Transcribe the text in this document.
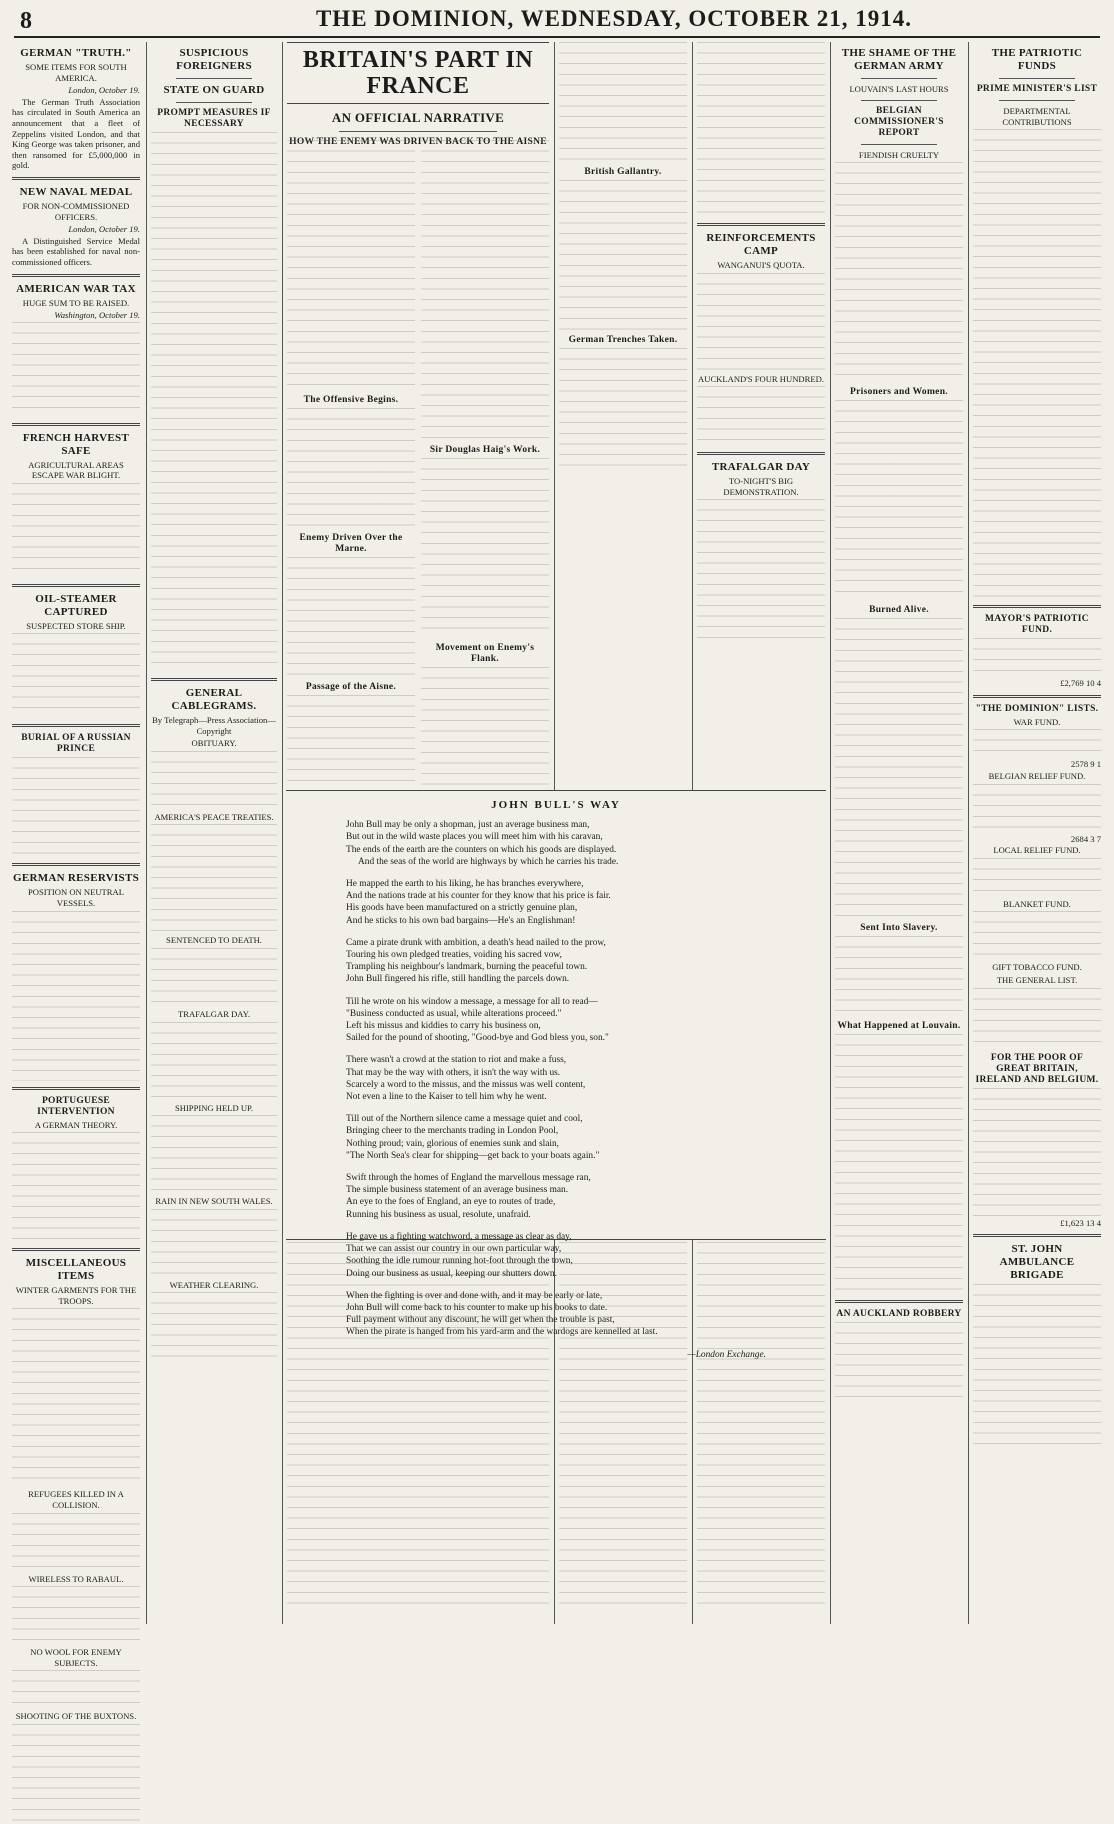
8	THE DOMINION, WEDNESDAY, OCTOBER 21, 1914.
GERMAN "TRUTH."
SOME ITEMS FOR SOUTH AMERICA.
London, October 19.
The German Truth Association has circulated in South America an announcement that a fleet of Zeppelins visited London, and that King George was taken prisoner, and then ransomed for £5,000,000 in gold.
NEW NAVAL MEDAL
FOR NON-COMMISSIONED OFFICERS.
London, October 19.
A Distinguished Service Medal has been established for naval non-commissioned officers.
AMERICAN WAR TAX
HUGE SUM TO BE RAISED.
Washington, October 19.
FRENCH HARVEST SAFE
AGRICULTURAL AREAS ESCAPE WAR BLIGHT.
OIL-STEAMER CAPTURED
SUSPECTED STORE SHIP.
BURIAL OF A RUSSIAN PRINCE
GERMAN RESERVISTS
POSITION ON NEUTRAL VESSELS.
PORTUGUESE INTERVENTION
A GERMAN THEORY.
MISCELLANEOUS ITEMS
WINTER GARMENTS FOR THE TROOPS.
REFUGEES KILLED IN A COLLISION.
WIRELESS TO RABAUL.
NO WOOL FOR ENEMY SUBJECTS.
SHOOTING OF THE BUXTONS.
SUSPICIOUS FOREIGNERS
STATE ON GUARD
PROMPT MEASURES IF NECESSARY
GENERAL CABLEGRAMS.
By Telegraph—Press Association—Copyright
OBITUARY.
AMERICA'S PEACE TREATIES.
SENTENCED TO DEATH.
TRAFALGAR DAY.
SHIPPING HELD UP.
RAIN IN NEW SOUTH WALES.
WEATHER CLEARING.
BRITAIN'S PART IN FRANCE
AN OFFICIAL NARRATIVE
HOW THE ENEMY WAS DRIVEN BACK TO THE AISNE
The Offensive Begins.
Enemy Driven Over the Marne.
Passage of the Aisne.
Sir Douglas Haig's Work.
Movement on Enemy's Flank.
British Gallantry.
German Trenches Taken.
REINFORCEMENTS CAMP
WANGANUI'S QUOTA.
AUCKLAND'S FOUR HUNDRED.
TRAFALGAR DAY
TO-NIGHT'S BIG DEMONSTRATION.
JOHN BULL'S WAY
John Bull may be only a shopman, just an average business man,
But out in the wild waste places you will meet him with his caravan,
The ends of the earth are the counters on which his goods are displayed.
And the seas of the world are highways by which he carries his trade.
He mapped the earth to his liking, he has branches everywhere,
And the nations trade at his counter for they know that his price is fair.
His goods have been manufactured on a strictly genuine plan,
And he sticks to his own bad bargains—He's an Englishman!
Came a pirate drunk with ambition, a death's head nailed to the prow,
Touring his own pledged treaties, voiding his sacred vow,
Trampling his neighbour's landmark, burning the peaceful town.
John Bull fingered his rifle, still handling the parcels down.
Till he wrote on his window a message, a message for all to read—
"Business conducted as usual, while alterations proceed."
Left his missus and kiddies to carry his business on,
Sailed for the pound of shooting, "Good-bye and God bless you, son."
There wasn't a crowd at the station to riot and make a fuss,
That may be the way with others, it isn't the way with us.
Scarcely a word to the missus, and the missus was well content,
Not even a line to the Kaiser to tell him why he went.
Till out of the Northern silence came a message quiet and cool,
Bringing cheer to the merchants trading in London Pool,
Nothing proud; vain, glorious of enemies sunk and slain,
"The North Sea's clear for shipping—get back to your boats again."
Swift through the homes of England the marvellous message ran,
The simple business statement of an average business man.
An eye to the foes of England, an eye to routes of trade,
Running his business as usual, resolute, unafraid.
He gave us a fighting watchword, a message as clear as day,
That we can assist our country in our own particular way,
Soothing the idle rumour running hot-foot through the town,
Doing our business as usual, keeping our shutters down.
When the fighting is over and done with, and it may be early or late,
John Bull will come back to his counter to make up his books to date.
Full payment without any discount, he will get when the trouble is past,
When the pirate is hanged from his yard-arm and the wardogs are kennelled at last.
—London Exchange.
THE SHAME OF THE GERMAN ARMY
LOUVAIN'S LAST HOURS
BELGIAN COMMISSIONER'S REPORT
FIENDISH CRUELTY
Prisoners and Women.
Burned Alive.
Sent Into Slavery.
What Happened at Louvain.
AN AUCKLAND ROBBERY
THE PATRIOTIC FUNDS
PRIME MINISTER'S LIST
DEPARTMENTAL CONTRIBUTIONS
MAYOR'S PATRIOTIC FUND.
£2,769 10 4
"THE DOMINION" LISTS.
WAR FUND.
2578 9 1
BELGIAN RELIEF FUND.
2684 3 7
LOCAL RELIEF FUND.
BLANKET FUND.
GIFT TOBACCO FUND.
THE GENERAL LIST.
FOR THE POOR OF GREAT BRITAIN, IRELAND AND BELGIUM.
£1,623 13 4
ST. JOHN AMBULANCE BRIGADE
